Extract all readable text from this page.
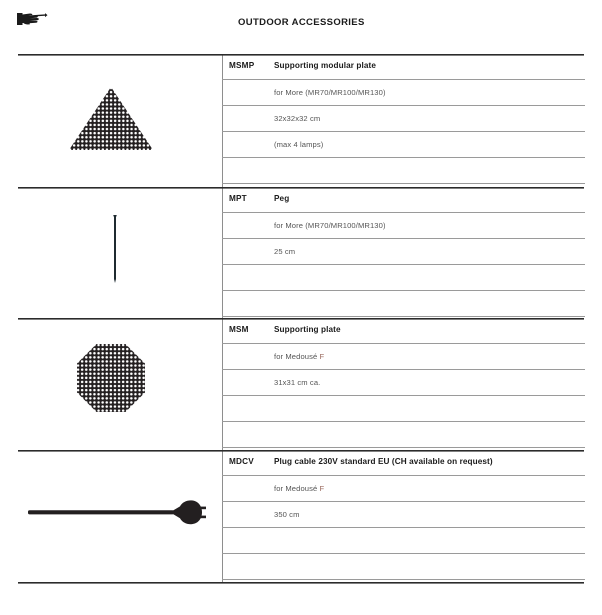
OUTDOOR ACCESSORIES
MSMP Supporting modular plate
for More (MR70/MR100/MR130)
32x32x32 cm
(max 4 lamps)
MPT	Peg
for More (MR70/MR100/MR130)
25 cm
MSM	Supporting plate
for Medousé F
31x31 cm ca.
MDCV Plug cable 230V standard EU (CH available on request)
for Medousé F
350 cm
